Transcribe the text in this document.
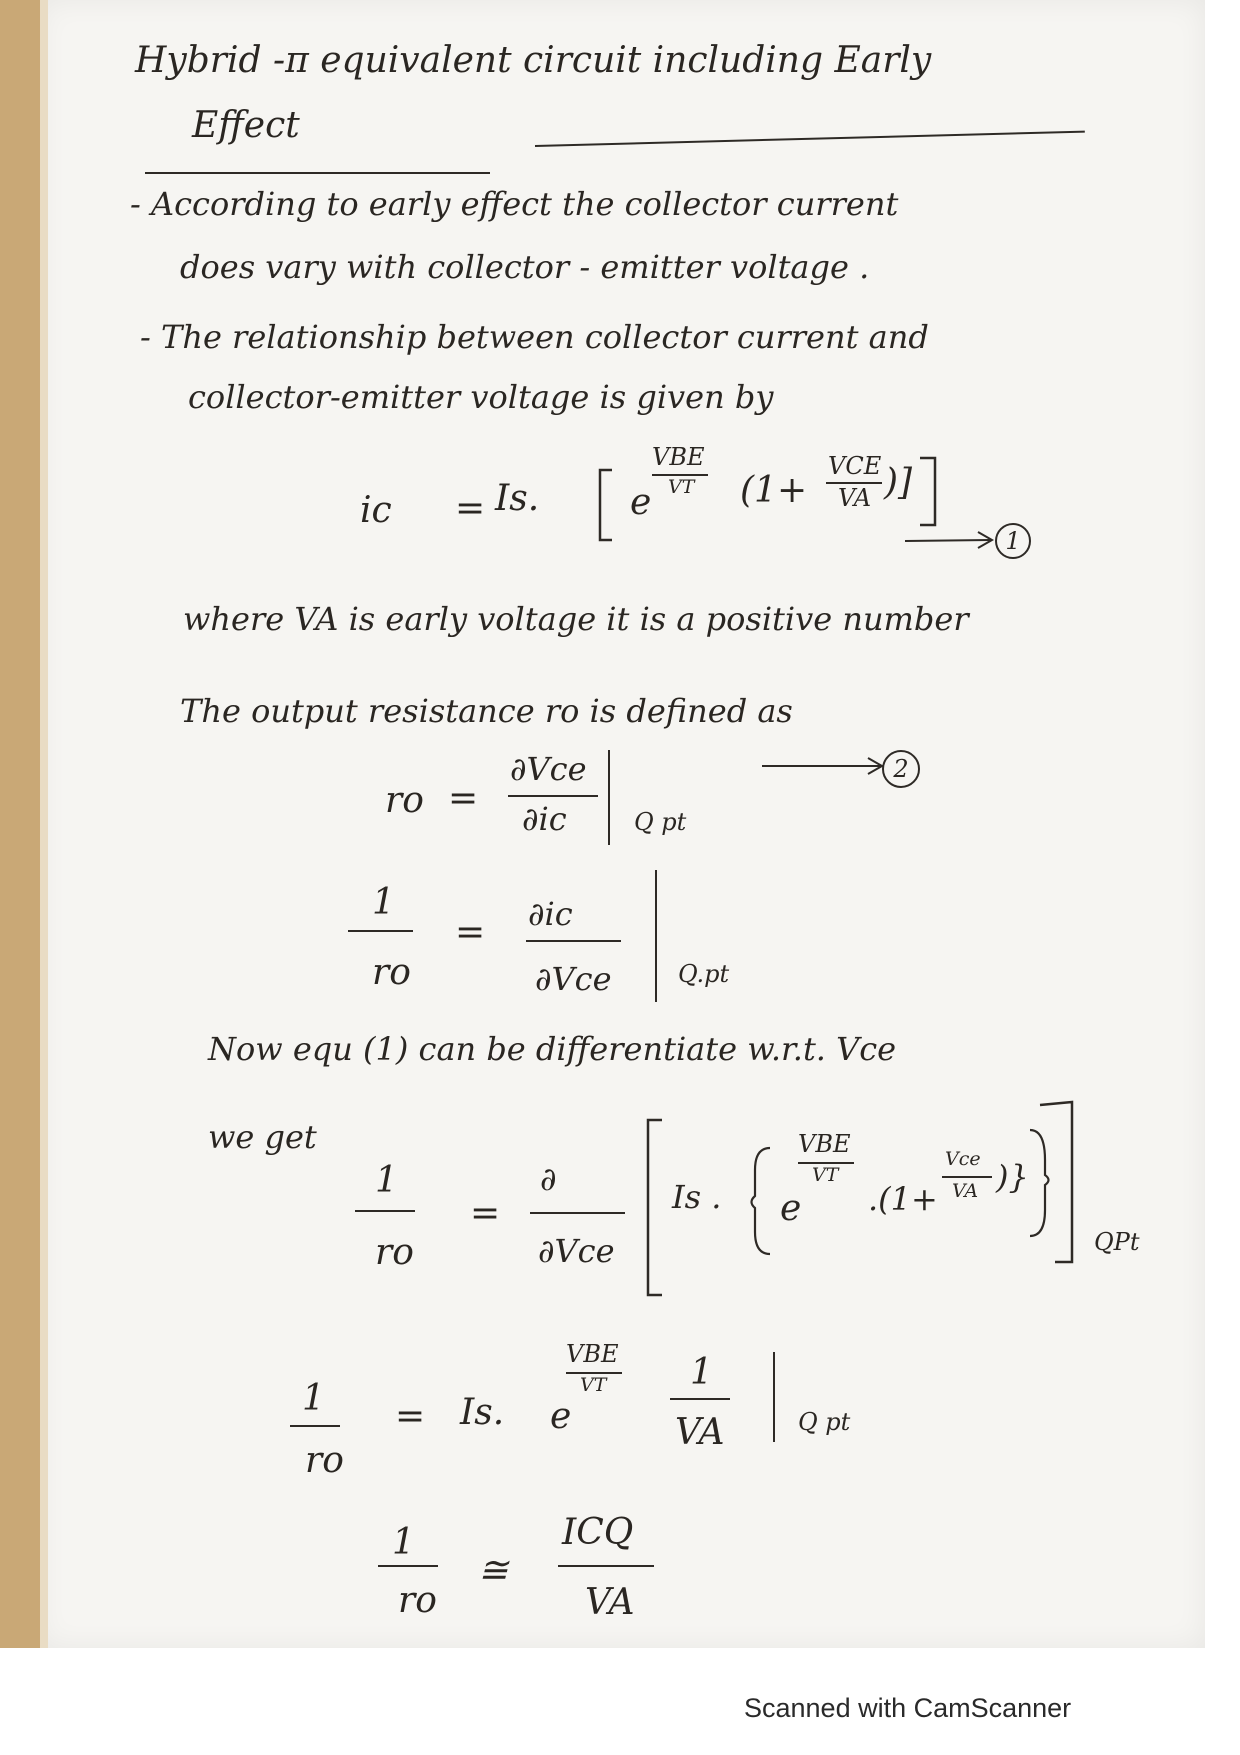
Hybrid -π equivalent circuit including Early
Effect
- According to early effect the collector current
does vary with collector - emitter voltage .
- The relationship between collector current and
collector-emitter voltage is given by
ic = Is.	e
VBE
VT (1+
VCE
VA )]
1
where VA is early voltage it is a positive number
The output resistance ro is defined as
ro =
∂Vce
∂ic	Q pt
2
1
ro
= ∂ic
∂Vce	Q.pt
Now equ (1) can be differentiate w.r.t. Vce
we get
1
ro
=
∂
∂Vce
Is . e
VBE
VT
.(1+
Vce
VA )}
QPt
1
ro
= Is. e
VBE
VT 1
VA	Q pt
1
ro
≅
ICQ
VA
Scanned with CamScanner
